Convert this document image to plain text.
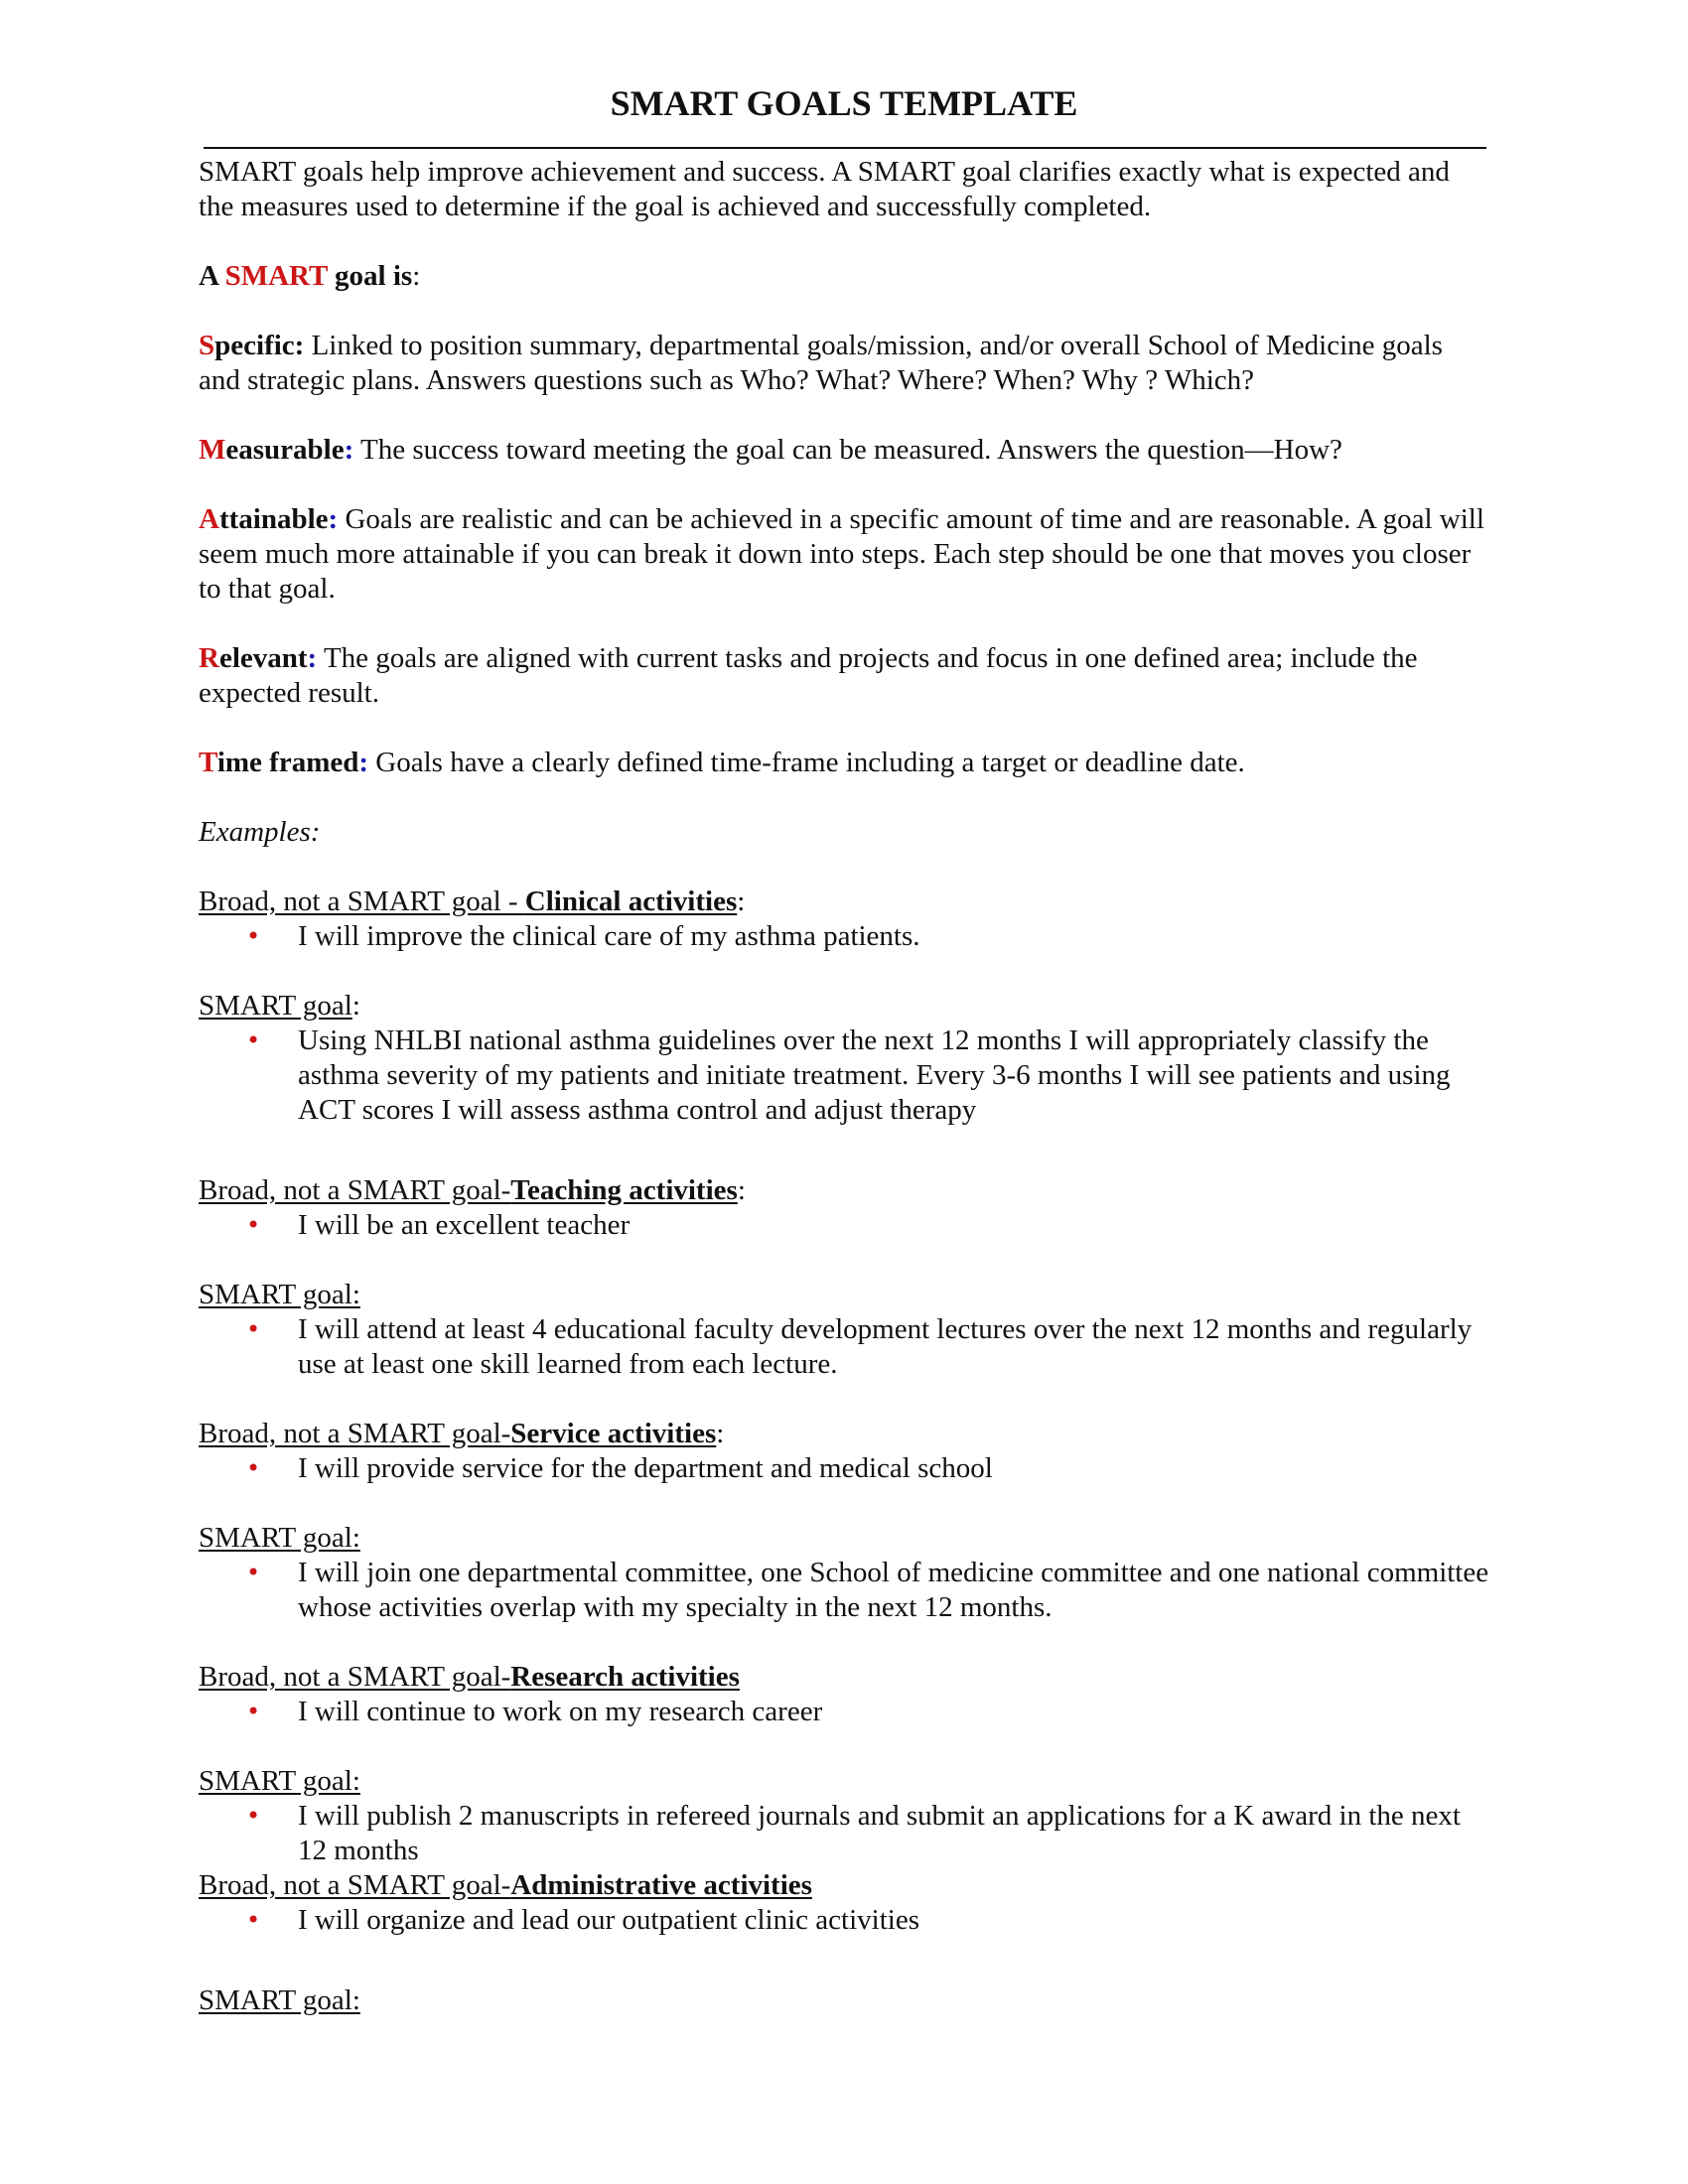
SMART GOALS TEMPLATE

SMART goals help improve achievement and success. A SMART goal clarifies exactly what is expected and the measures used to determine if the goal is achieved and successfully completed.

A SMART goal is:

Specific: Linked to position summary, departmental goals/mission, and/or overall School of Medicine goals and strategic plans. Answers questions such as Who? What? Where? When? Why ? Which?

Measurable: The success toward meeting the goal can be measured. Answers the question—How?

Attainable: Goals are realistic and can be achieved in a specific amount of time and are reasonable. A goal will seem much more attainable if you can break it down into steps. Each step should be one that moves you closer to that goal.

Relevant: The goals are aligned with current tasks and projects and focus in one defined area; include the expected result.

Time framed: Goals have a clearly defined time-frame including a target or deadline date.

Examples:

Broad, not a SMART goal - Clinical activities:

• I will improve the clinical care of my asthma patients.

SMART goal:

• Using NHLBI national asthma guidelines over the next 12 months I will appropriately classify the asthma severity of my patients and initiate treatment. Every 3-6 months I will see patients and using ACT scores I will assess asthma control and adjust therapy

Broad, not a SMART goal-Teaching activities:

• I will be an excellent teacher

SMART goal:

• I will attend at least 4 educational faculty development lectures over the next 12 months and regularly use at least one skill learned from each lecture.

Broad, not a SMART goal-Service activities:

• I will provide service for the department and medical school

SMART goal:

• I will join one departmental committee, one School of medicine committee and one national committee whose activities overlap with my specialty in the next 12 months.

Broad, not a SMART goal-Research activities

• I will continue to work on my research career

SMART goal:

• I will publish 2 manuscripts in refereed journals and submit an applications for a K award in the next 12 months

Broad, not a SMART goal-Administrative activities

• I will organize and lead our outpatient clinic activities

SMART goal:
